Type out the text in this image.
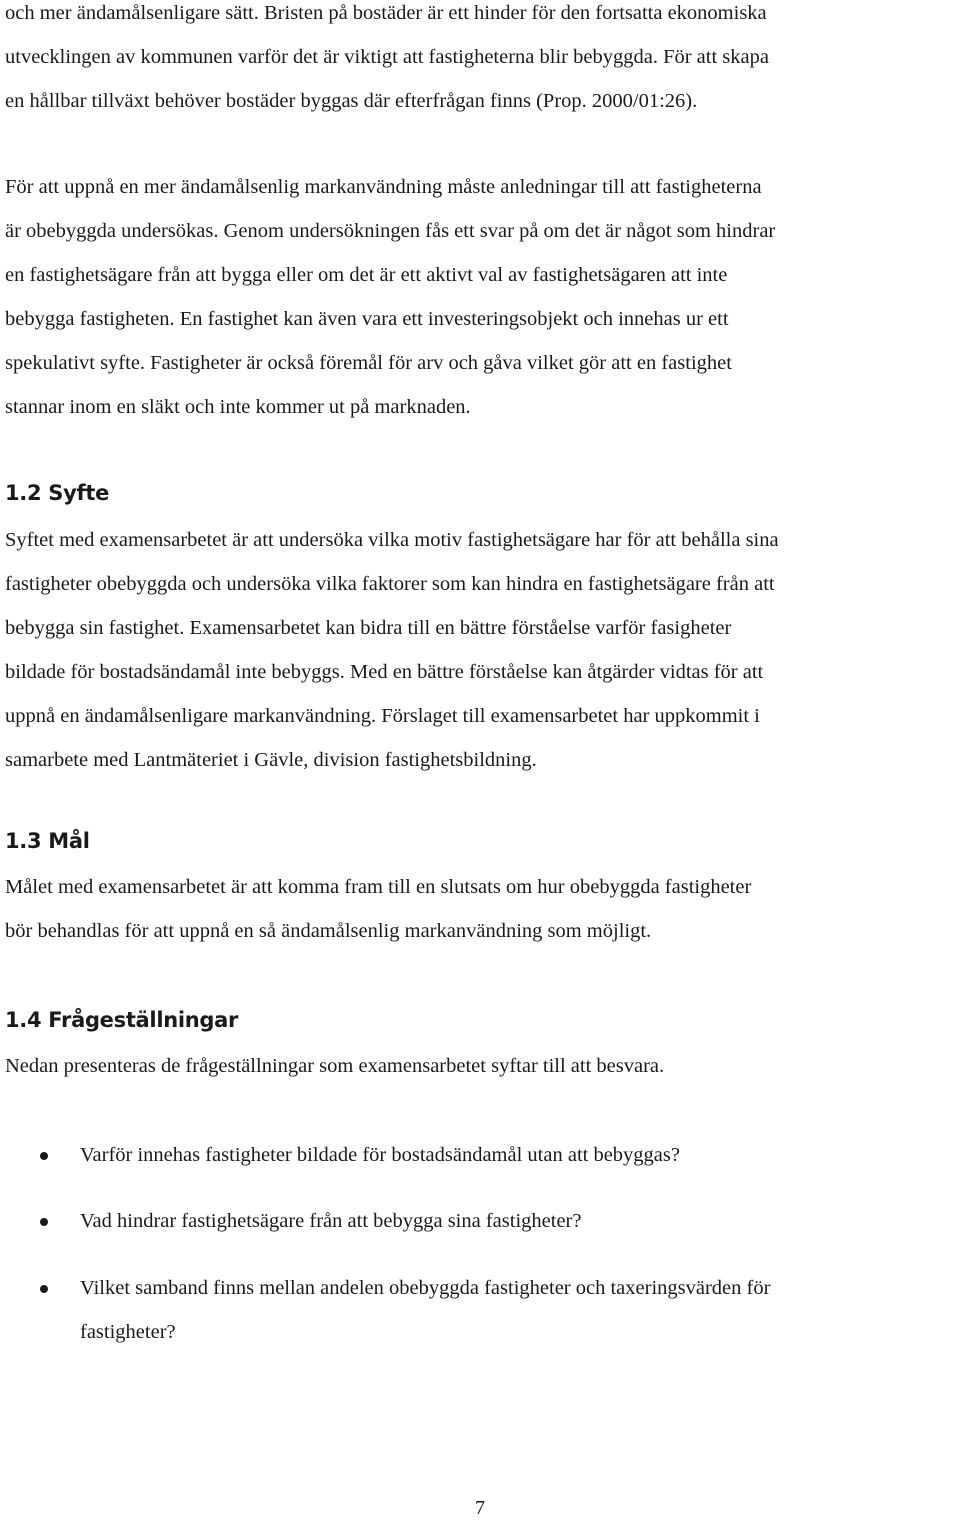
och mer ändamålsenligare sätt. Bristen på bostäder är ett hinder för den fortsatta ekonomiska
utvecklingen av kommunen varför det är viktigt att fastigheterna blir bebyggda. För att skapa
en hållbar tillväxt behöver bostäder byggas där efterfrågan finns (Prop. 2000/01:26).
För att uppnå en mer ändamålsenlig markanvändning måste anledningar till att fastigheterna
är obebyggda undersökas. Genom undersökningen fås ett svar på om det är något som hindrar
en fastighetsägare från att bygga eller om det är ett aktivt val av fastighetsägaren att inte
bebygga fastigheten. En fastighet kan även vara ett investeringsobjekt och innehas ur ett
spekulativt syfte. Fastigheter är också föremål för arv och gåva vilket gör att en fastighet
stannar inom en släkt och inte kommer ut på marknaden.
1.2 Syfte
Syftet med examensarbetet är att undersöka vilka motiv fastighetsägare har för att behålla sina
fastigheter obebyggda och undersöka vilka faktorer som kan hindra en fastighetsägare från att
bebygga sin fastighet. Examensarbetet kan bidra till en bättre förståelse varför fasigheter
bildade för bostadsändamål inte bebyggs. Med en bättre förståelse kan åtgärder vidtas för att
uppnå en ändamålsenligare markanvändning. Förslaget till examensarbetet har uppkommit i
samarbete med Lantmäteriet i Gävle, division fastighetsbildning.
1.3 Mål
Målet med examensarbetet är att komma fram till en slutsats om hur obebyggda fastigheter
bör behandlas för att uppnå en så ändamålsenlig markanvändning som möjligt.
1.4 Frågeställningar
Nedan presenteras de frågeställningar som examensarbetet syftar till att besvara.
Varför innehas fastigheter bildade för bostadsändamål utan att bebyggas?
Vad hindrar fastighetsägare från att bebygga sina fastigheter?
Vilket samband finns mellan andelen obebyggda fastigheter och taxeringsvärden för
fastigheter?
7
